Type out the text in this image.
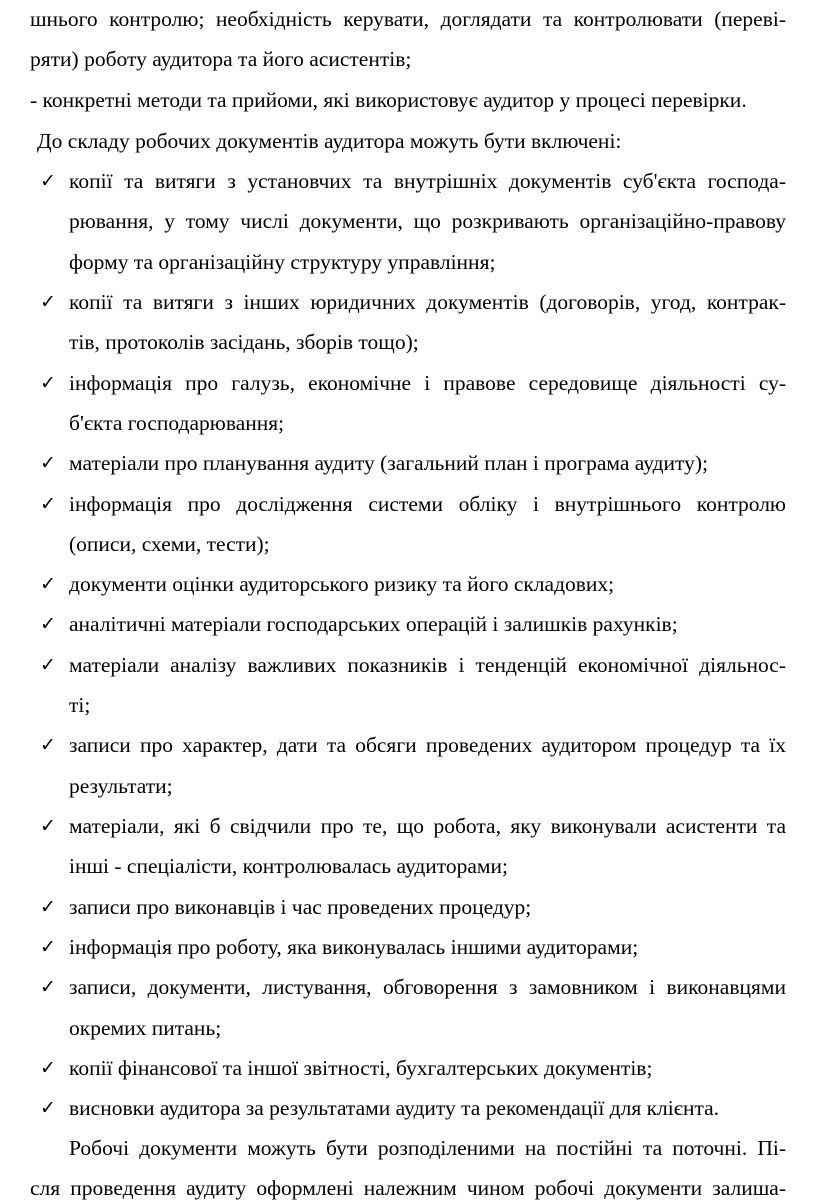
шнього контролю; необхідність керувати, доглядати та контролювати (переві-
ряти) роботу аудитора та його асистентів;
- конкретні методи та прийоми, які використовує аудитор у процесі перевірки.
До складу робочих документів аудитора можуть бути включені:
✓ копії та витяги з установчих та внутрішніх документів суб'єкта господа-
рювання, у тому числі документи, що розкривають організаційно-правову
форму та організаційну структуру управління;
✓ копії та витяги з інших юридичних документів (договорів, угод, контрак-
тів, протоколів засідань, зборів тощо);
✓ інформація про галузь, економічне і правове середовище діяльності су-
б'єкта господарювання;
✓ матеріали про планування аудиту (загальний план і програма аудиту);
✓ інформація про дослідження системи обліку і внутрішнього контролю
(описи, схеми, тести);
✓ документи оцінки аудиторського ризику та його складових;
✓ аналітичні матеріали господарських операцій і залишків рахунків;
✓ матеріали аналізу важливих показників і тенденцій економічної діяльнос-
ті;
✓ записи про характер, дати та обсяги проведених аудитором процедур та їх
результати;
✓ матеріали, які б свідчили про те, що робота, яку виконували асистенти та
інші - спеціалісти, контролювалась аудиторами;
✓ записи про виконавців і час проведених процедур;
✓ інформація про роботу, яка виконувалась іншими аудиторами;
✓ записи, документи, листування, обговорення з замовником і виконавцями
окремих питань;
✓ копії фінансової та іншої звітності, бухгалтерських документів;
✓ висновки аудитора за результатами аудиту та рекомендації для клієнта.
Робочі документи можуть бути розподіленими на постійні та поточні. Пі-
сля проведення аудиту оформлені належним чином робочі документи залиша-
